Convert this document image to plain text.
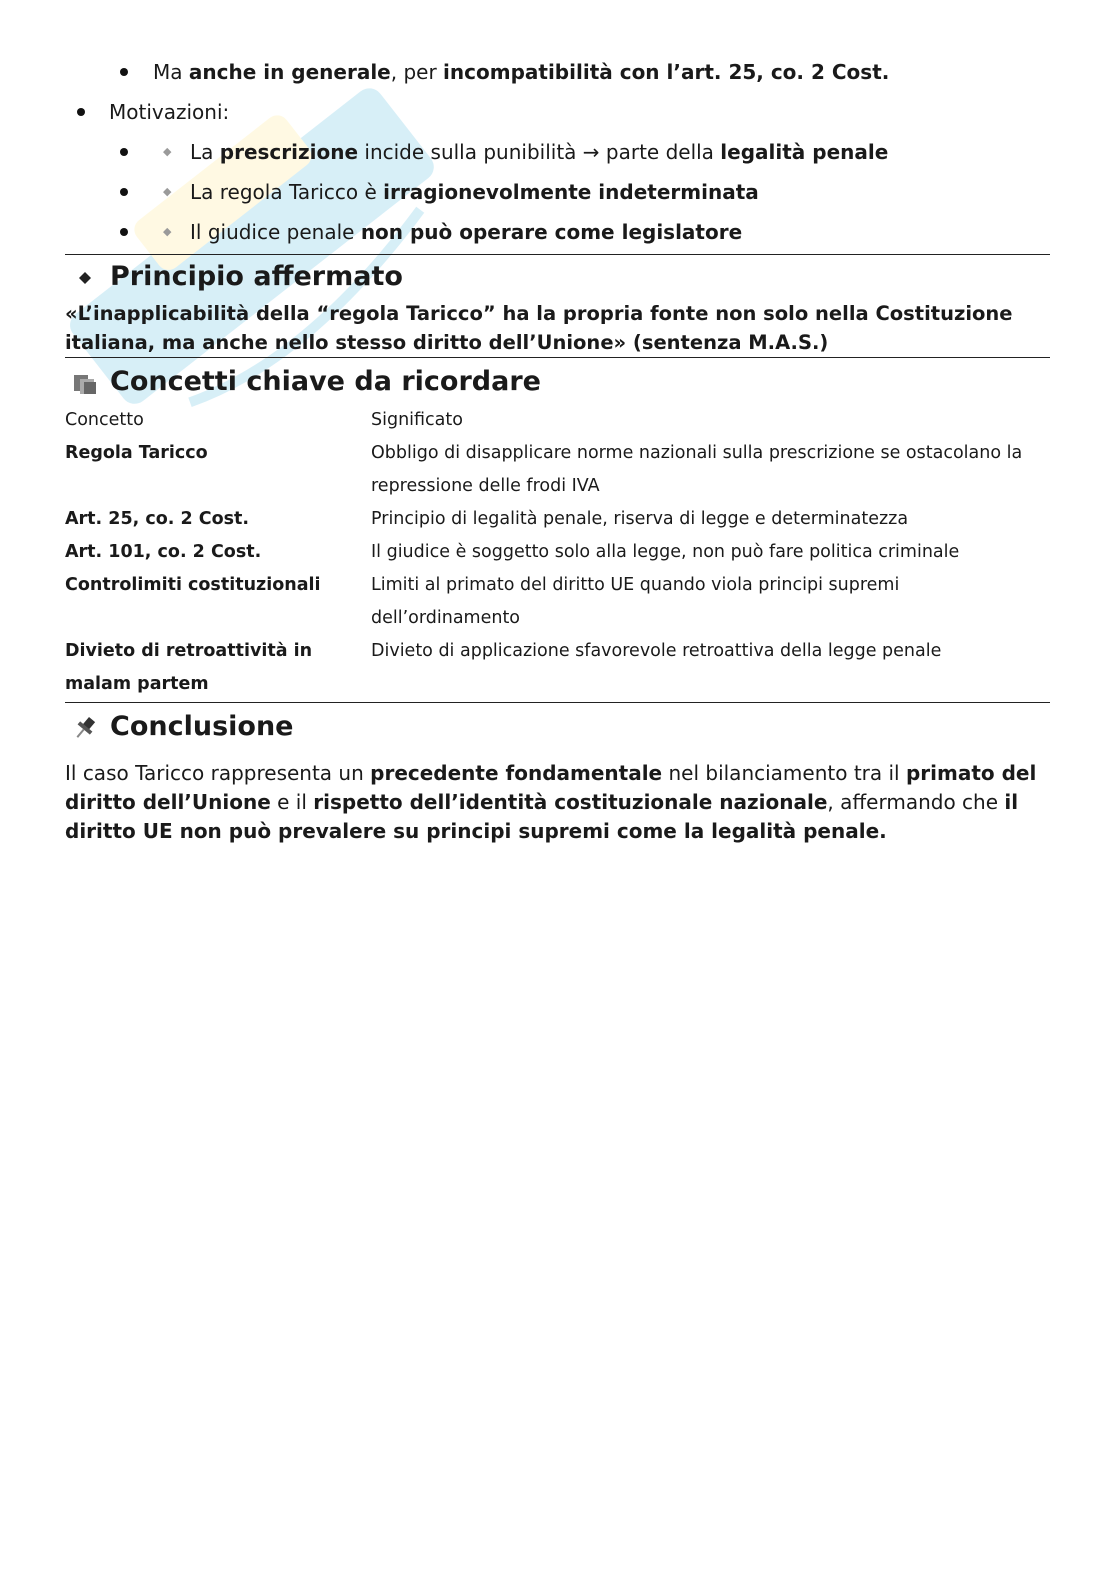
Ma anche in generale, per incompatibilità con l’art. 25, co. 2 Cost.
Motivazioni:
◆ La prescrizione incide sulla punibilità → parte della legalità penale
◆ La regola Taricco è irragionevolmente indeterminata
◆ Il giudice penale non può operare come legislatore
Principio affermato
«L’inapplicabilità della “regola Taricco” ha la propria fonte non solo nella Costituzione italiana, ma anche nello stesso diritto dell’Unione» (sentenza M.A.S.)
Concetti chiave da ricordare
Concetto	Significato
Regola Taricco	Obbligo di disapplicare norme nazionali sulla prescrizione se ostacolano la repressione delle frodi IVA
Art. 25, co. 2 Cost.	Principio di legalità penale, riserva di legge e determinatezza
Art. 101, co. 2 Cost.	Il giudice è soggetto solo alla legge, non può fare politica criminale
Controlimiti costituzionali	Limiti al primato del diritto UE quando viola principi supremi dell’ordinamento
Divieto di retroattività in malam partem	Divieto di applicazione sfavorevole retroattiva della legge penale
Conclusione
Il caso Taricco rappresenta un precedente fondamentale nel bilanciamento tra il primato del diritto dell’Unione e il rispetto dell’identità costituzionale nazionale, affermando che il diritto UE non può prevalere su principi supremi come la legalità penale.
